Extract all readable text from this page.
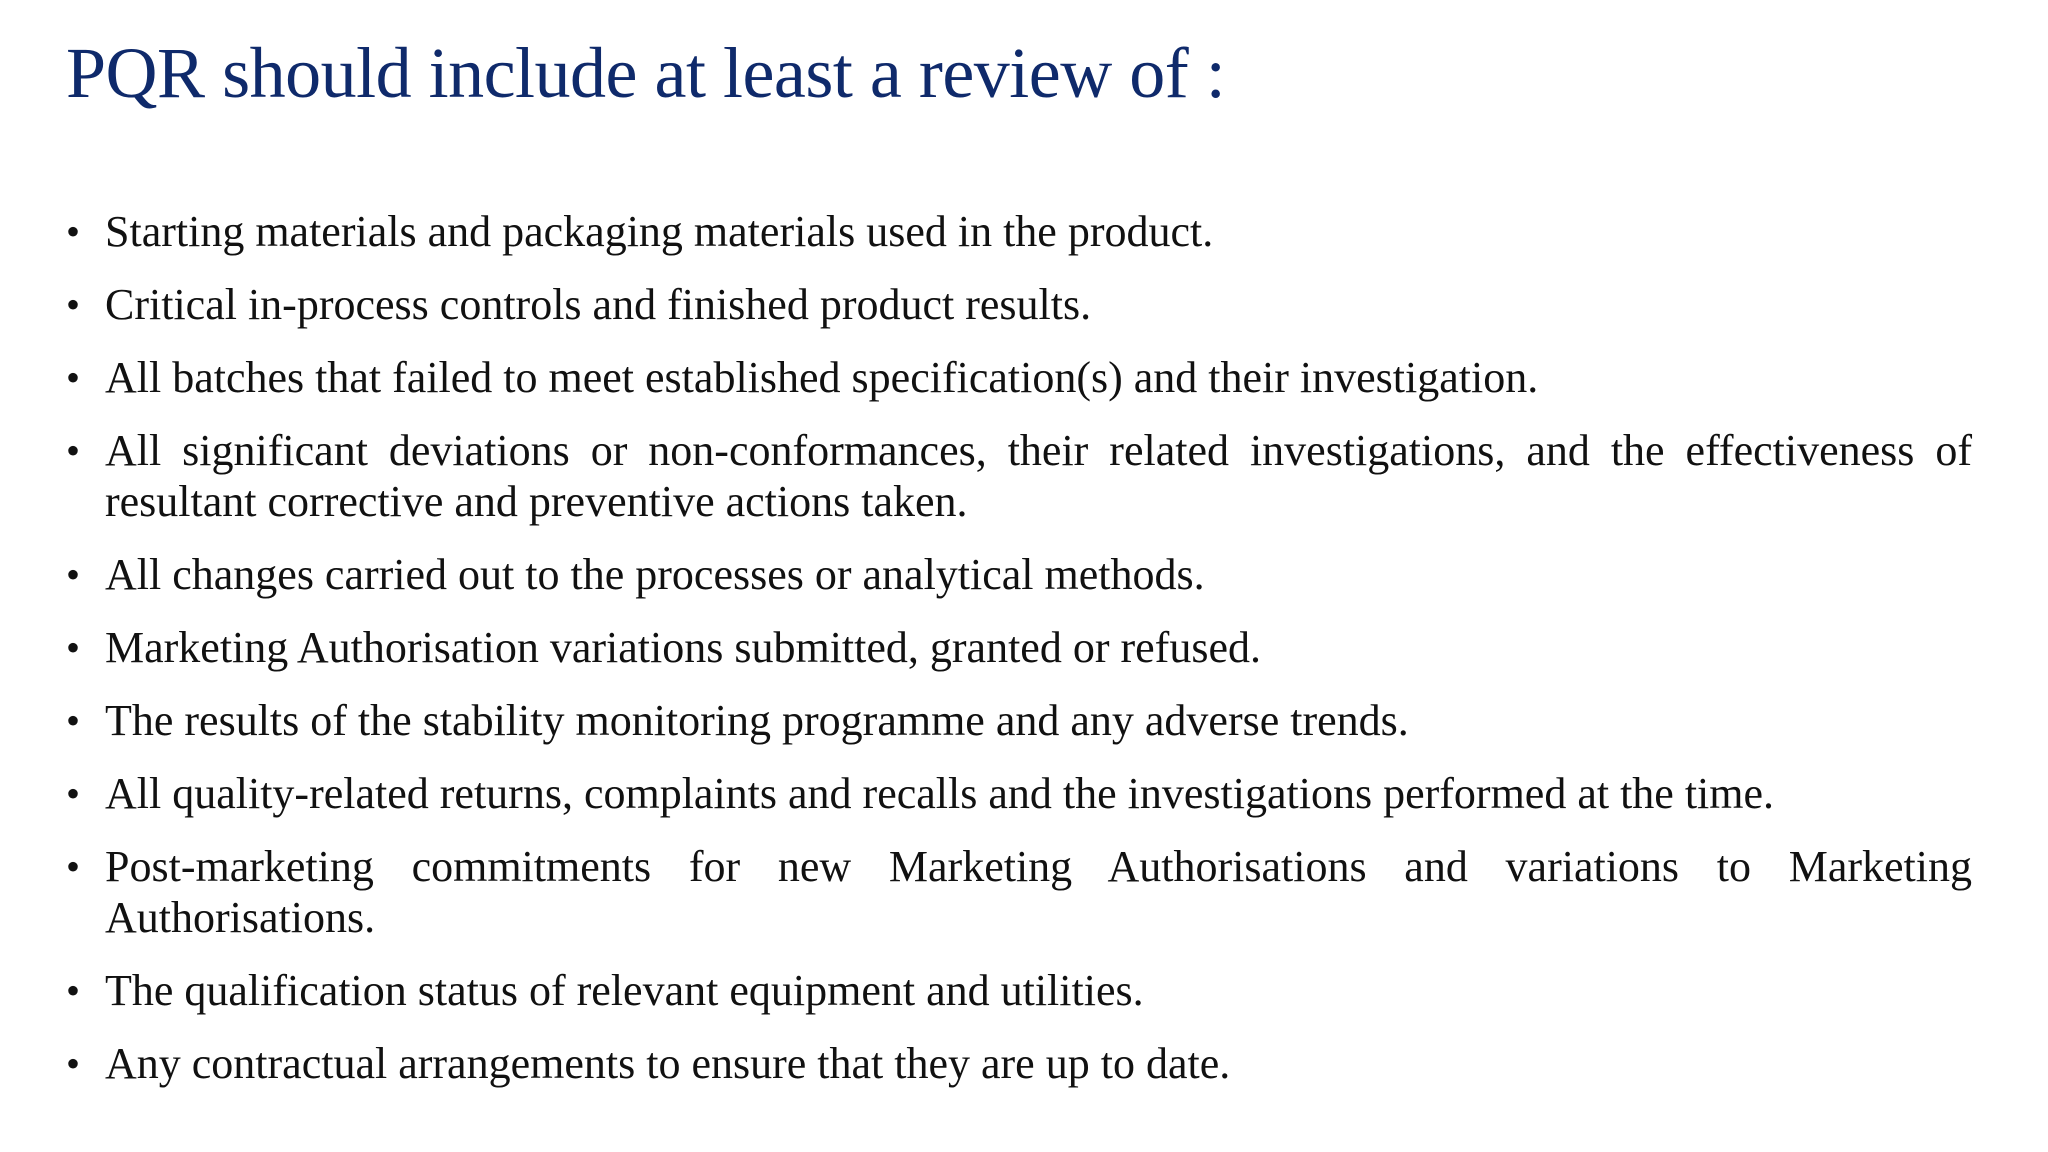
PQR should include at least a review of :
• Starting materials and packaging materials used in the product.
• Critical in-process controls and finished product results.
• All batches that failed to meet established specification(s) and their investigation.
• All significant deviations or non-conformances, their related investigations, and the effectiveness of resultant corrective and preventive actions taken.
• All changes carried out to the processes or analytical methods.
• Marketing Authorisation variations submitted, granted or refused.
• The results of the stability monitoring programme and any adverse trends.
• All quality-related returns, complaints and recalls and the investigations performed at the time.
• Post-marketing commitments for new Marketing Authorisations and variations to Marketing Authorisations.
• The qualification status of relevant equipment and utilities.
• Any contractual arrangements to ensure that they are up to date.
